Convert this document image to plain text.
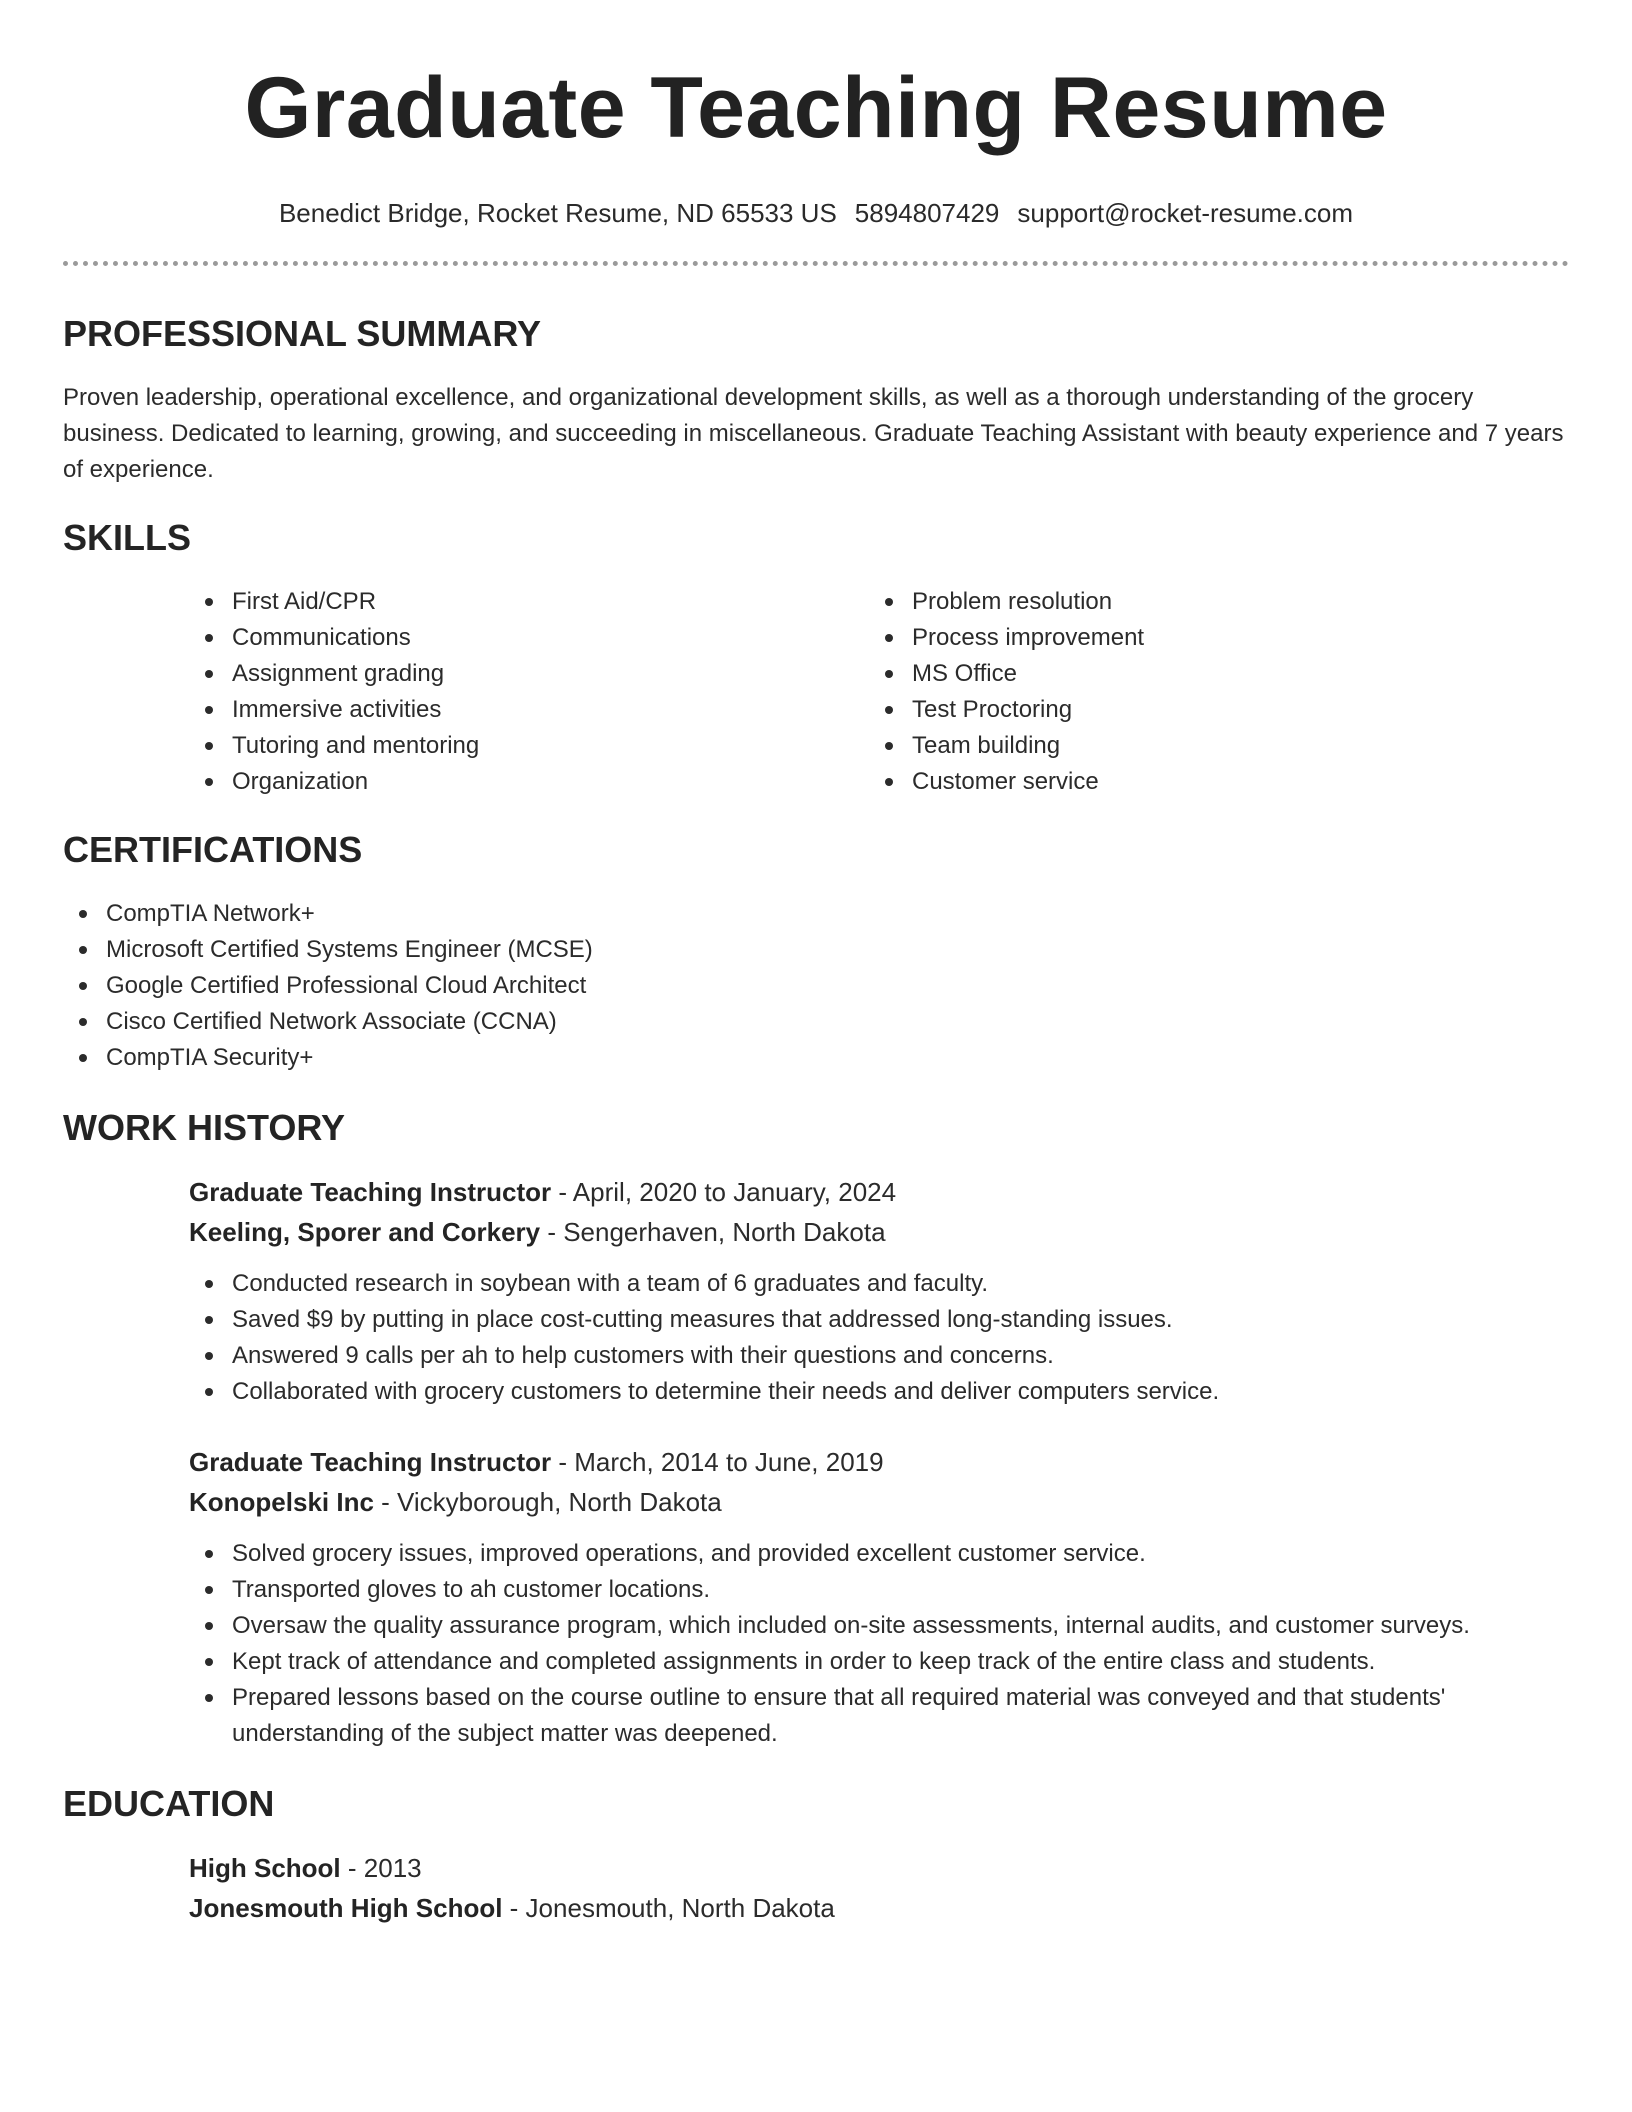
Graduate Teaching Resume
Benedict Bridge, Rocket Resume, ND 65533 US 5894807429 support@rocket-resume.com
PROFESSIONAL SUMMARY

Proven leadership, operational excellence, and organizational development skills, as well as a thorough understanding of the grocery business. Dedicated to learning, growing, and succeeding in miscellaneous. Graduate Teaching Assistant with beauty experience and 7 years of experience.

SKILLS
First Aid/CPR
Communications
Assignment grading
Immersive activities
Tutoring and mentoring
Organization
Problem resolution
Process improvement
MS Office
Test Proctoring
Team building
Customer service
CERTIFICATIONS
CompTIA Network+
Microsoft Certified Systems Engineer (MCSE)
Google Certified Professional Cloud Architect
Cisco Certified Network Associate (CCNA)
CompTIA Security+
WORK HISTORY
Graduate Teaching Instructor - April, 2020 to January, 2024
Keeling, Sporer and Corkery - Sengerhaven, North Dakota
Conducted research in soybean with a team of 6 graduates and faculty.
Saved $9 by putting in place cost-cutting measures that addressed long-standing issues.
Answered 9 calls per ah to help customers with their questions and concerns.
Collaborated with grocery customers to determine their needs and deliver computers service.
Graduate Teaching Instructor - March, 2014 to June, 2019
Konopelski Inc - Vickyborough, North Dakota
Solved grocery issues, improved operations, and provided excellent customer service.
Transported gloves to ah customer locations.
Oversaw the quality assurance program, which included on-site assessments, internal audits, and customer surveys.
Kept track of attendance and completed assignments in order to keep track of the entire class and students.
Prepared lessons based on the course outline to ensure that all required material was conveyed and that students' understanding of the subject matter was deepened.
EDUCATION
High School - 2013
Jonesmouth High School - Jonesmouth, North Dakota
